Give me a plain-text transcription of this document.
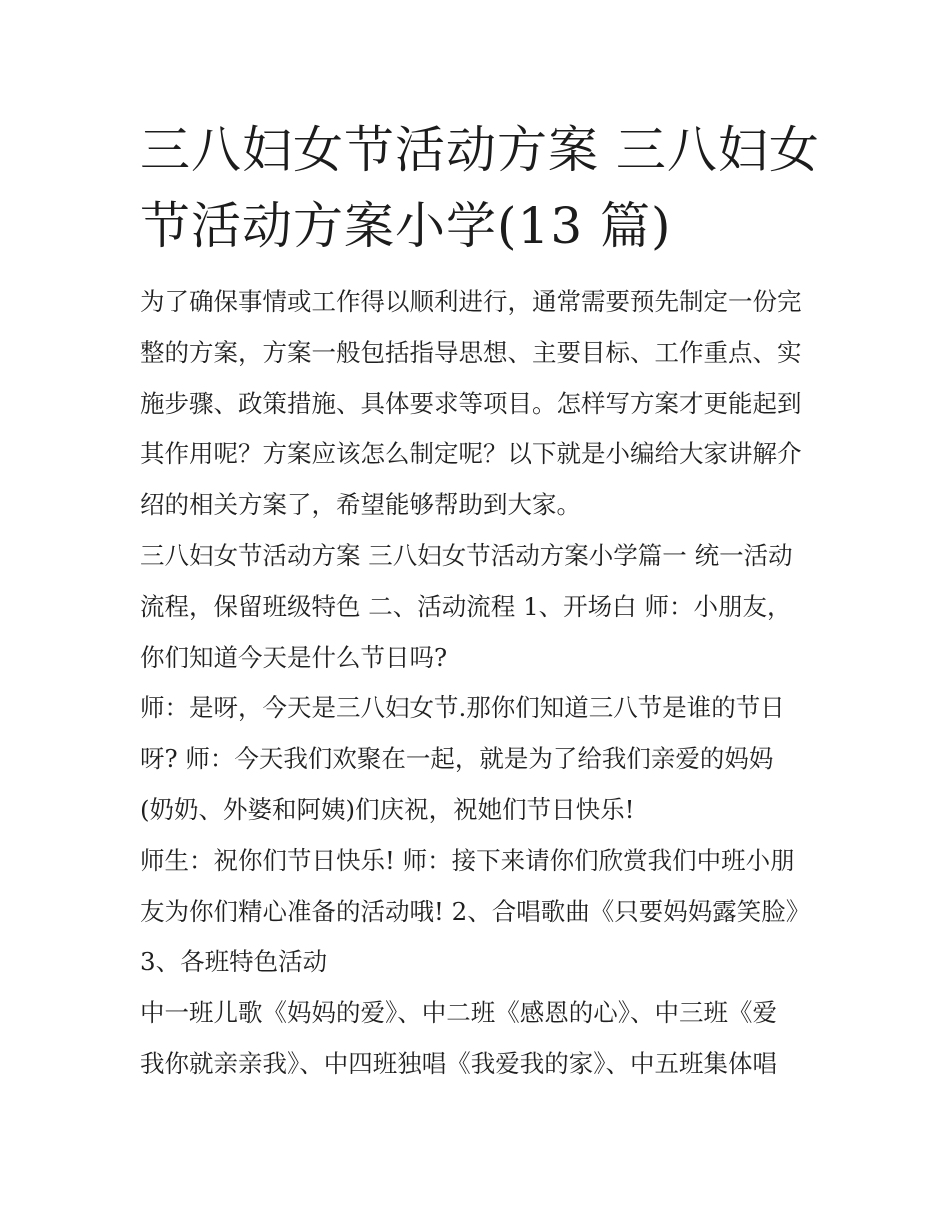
三八妇女节活动方案 三八妇女
节活动方案小学(13 篇)
为了确保事情或工作得以顺利进行，通常需要预先制定一份完
整的方案，方案一般包括指导思想、主要目标、工作重点、实
施步骤、政策措施、具体要求等项目。怎样写方案才更能起到
其作用呢？方案应该怎么制定呢？以下就是小编给大家讲解介
绍的相关方案了，希望能够帮助到大家。
三八妇女节活动方案 三八妇女节活动方案小学篇一 统一活动
流程，保留班级特色 二、活动流程 1、开场白 师：小朋友，
你们知道今天是什么节日吗?
师：是呀，今天是三八妇女节.那你们知道三八节是谁的节日
呀? 师：今天我们欢聚在一起，就是为了给我们亲爱的妈妈
(奶奶、外婆和阿姨)们庆祝，祝她们节日快乐!
师生：祝你们节日快乐! 师：接下来请你们欣赏我们中班小朋
友为你们精心准备的活动哦! 2、合唱歌曲《只要妈妈露笑脸》
3、各班特色活动
中一班儿歌《妈妈的爱》、中二班《感恩的心》、中三班《爱
我你就亲亲我》、中四班独唱《我爱我的家》、中五班集体唱
